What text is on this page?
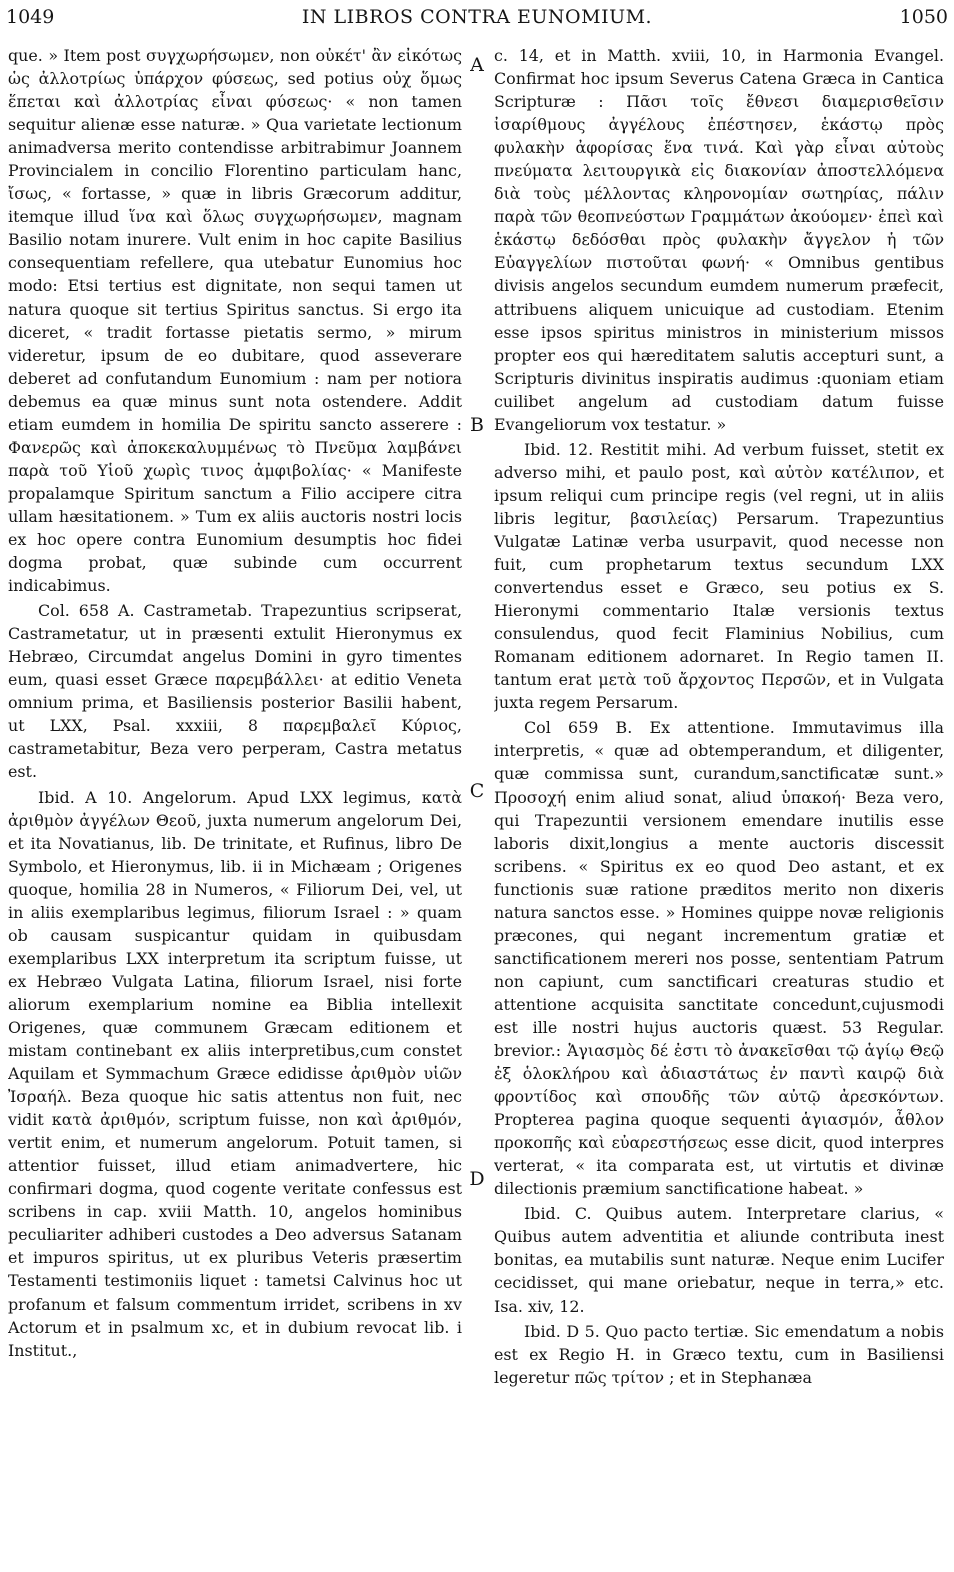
1049	IN LIBROS CONTRA EUNOMIUM.	1050
A
B
C
D

que. » Item post συγχωρήσωμεν, non οὐκέτ' ἂν εἰκότως ὡς ἀλλοτρίως ὑπάρχον φύσεως, sed potius οὐχ ὅμως ἕπεται καὶ ἀλλοτρίας εἶναι φύσεως· « non tamen sequitur alienæ esse naturæ. » Qua varietate lectionum animadversa merito contendisse arbitrabimur Joannem Provincialem in concilio Florentino particulam hanc, ἴσως, « fortasse, » quæ in libris Græcorum additur, itemque illud ἵνα καὶ ὅλως συγχωρήσωμεν, magnam Basilio notam inurere. Vult enim in hoc capite Basilius consequentiam refellere, qua utebatur Eunomius hoc modo: Etsi tertius est dignitate, non sequi tamen ut natura quoque sit tertius Spiritus sanctus. Si ergo ita diceret, « tradit fortasse pietatis sermo, » mirum videretur, ipsum de eo dubitare, quod asseverare deberet ad confutandum Eunomium : nam per notiora debemus ea quæ minus sunt nota ostendere. Addit etiam eumdem in homilia De spiritu sancto asserere : Φανερῶς καὶ ἀποκεκαλυμμένως τὸ Πνεῦμα λαμβάνει παρὰ τοῦ Υἱοῦ χωρὶς τινος ἀμφιβολίας· « Manifeste propalamque Spiritum sanctum a Filio accipere citra ullam hæsitationem. » Tum ex aliis auctoris nostri locis ex hoc opere contra Eunomium desumptis hoc fidei dogma probat, quæ subinde cum occurrent indicabimus.

Col. 658 A. Castrametab. Trapezuntius scripserat, Castrametatur, ut in præsenti extulit Hieronymus ex Hebræo, Circumdat angelus Domini in gyro timentes eum, quasi esset Græce παρεμβάλλει· at editio Veneta omnium prima, et Basiliensis posterior Basilii habent, ut LXX, Psal. xxxiii, 8 παρεμβαλεῖ Κύριος, castrametabitur, Beza vero perperam, Castra metatus est.

Ibid. A 10. Angelorum. Apud LXX legimus, κατὰ ἀριθμὸν ἀγγέλων Θεοῦ, juxta numerum angelorum Dei, et ita Novatianus, lib. De trinitate, et Rufinus, libro De Symbolo, et Hieronymus, lib. ii in Michæam ; Origenes quoque, homilia 28 in Numeros, « Filiorum Dei, vel, ut in aliis exemplaribus legimus, filiorum Israel : » quam ob causam suspicantur quidam in quibusdam exemplaribus LXX interpretum ita scriptum fuisse, ut ex Hebræo Vulgata Latina, filiorum Israel, nisi forte aliorum exemplarium nomine ea Biblia intellexit Origenes, quæ communem Græcam editionem et mistam continebant ex aliis interpretibus,cum constet Aquilam et Symmachum Græce edidisse ἀριθμὸν υἱῶν Ἰσραήλ. Beza quoque hic satis attentus non fuit, nec vidit κατὰ ἀριθμόν, scriptum fuisse, non καὶ ἀριθμόν, vertit enim, et numerum angelorum. Potuit tamen, si attentior fuisset, illud etiam animadvertere, hic confirmari dogma, quod cogente veritate confessus est scribens in cap. xviii Matth. 10, angelos hominibus peculiariter adhiberi custodes a Deo adversus Satanam et impuros spiritus, ut ex pluribus Veteris præsertim Testamenti testimoniis liquet : tametsi Calvinus hoc ut profanum et falsum commentum irridet, scribens in xv Actorum et in psalmum xc, et in dubium revocat lib. i Institut.,

c. 14, et in Matth. xviii, 10, in Harmonia Evangel. Confirmat hoc ipsum Severus Catena Græca in Cantica Scripturæ : Πᾶσι τοῖς ἔθνεσι διαμερισθεῖσιν ἰσαρίθμους ἀγγέλους ἐπέστησεν, ἑκάστῳ πρὸς φυλακὴν ἀφορίσας ἕνα τινά. Καὶ γὰρ εἶναι αὐτοὺς πνεύματα λειτουργικὰ εἰς διακονίαν ἀποστελλόμενα διὰ τοὺς μέλλοντας κληρονομίαν σωτηρίας, πάλιν παρὰ τῶν θεοπνεύστων Γραμμάτων ἀκούομεν· ἐπεὶ καὶ ἑκάστῳ δεδόσθαι πρὸς φυλακὴν ἄγγελον ἡ τῶν Εὐαγγελίων πιστοῦται φωνή· « Omnibus gentibus divisis angelos secundum eumdem numerum præfecit, attribuens aliquem unicuique ad custodiam. Etenim esse ipsos spiritus ministros in ministerium missos propter eos qui hæreditatem salutis accepturi sunt, a Scripturis divinitus inspiratis audimus :quoniam etiam cuilibet angelum ad custodiam datum fuisse Evangeliorum vox testatur. »

Ibid. 12. Restitit mihi. Ad verbum fuisset, stetit ex adverso mihi, et paulo post, καὶ αὐτὸν κατέλιπον, et ipsum reliqui cum principe regis (vel regni, ut in aliis libris legitur, βασιλείας) Persarum. Trapezuntius Vulgatæ Latinæ verba usurpavit, quod necesse non fuit, cum prophetarum textus secundum LXX convertendus esset e Græco, seu potius ex S. Hieronymi commentario Italæ versionis textus consulendus, quod fecit Flaminius Nobilius, cum Romanam editionem adornaret. In Regio tamen II. tantum erat μετὰ τοῦ ἄρχοντος Περσῶν, et in Vulgata juxta regem Persarum.

Col 659 B. Ex attentione. Immutavimus illa interpretis, « quæ ad obtemperandum, et diligenter, quæ commissa sunt, curandum,sanctificatæ sunt.» Προσοχή enim aliud sonat, aliud ὑπακοή· Beza vero, qui Trapezuntii versionem emendare inutilis esse laboris dixit,longius a mente auctoris discessit scribens. « Spiritus ex eo quod Deo astant, et ex functionis suæ ratione præditos merito non dixeris natura sanctos esse. » Homines quippe novæ religionis præcones, qui negant incrementum gratiæ et sanctificationem mereri nos posse, sententiam Patrum non capiunt, cum sanctificari creaturas studio et attentione acquisita sanctitate concedunt,cujusmodi est ille nostri hujus auctoris quæst. 53 Regular. brevior.: Ἁγιασμὸς δέ ἐστι τὸ ἀνακεῖσθαι τῷ ἁγίῳ Θεῷ ἐξ ὁλοκλήρου καὶ ἀδιαστάτως ἐν παντὶ καιρῷ διὰ φροντίδος καὶ σπουδῆς τῶν αὐτῷ ἀρεσκόντων. Propterea pagina quoque sequenti ἁγιασμόν, ἆθλον προκοπῆς καὶ εὐαρεστήσεως esse dicit, quod interpres verterat, « ita comparata est, ut virtutis et divinæ dilectionis præmium sanctificatione habeat. »

Ibid. C. Quibus autem. Interpretare clarius, « Quibus autem adventitia et aliunde contributa inest bonitas, ea mutabilis sunt naturæ. Neque enim Lucifer cecidisset, qui mane oriebatur, neque in terra,» etc. Isa. xiv, 12.

Ibid. D 5. Quo pacto tertiæ. Sic emendatum a nobis est ex Regio H. in Græco textu, cum in Basiliensi legeretur πῶς τρίτον ; et in Stephanæa
